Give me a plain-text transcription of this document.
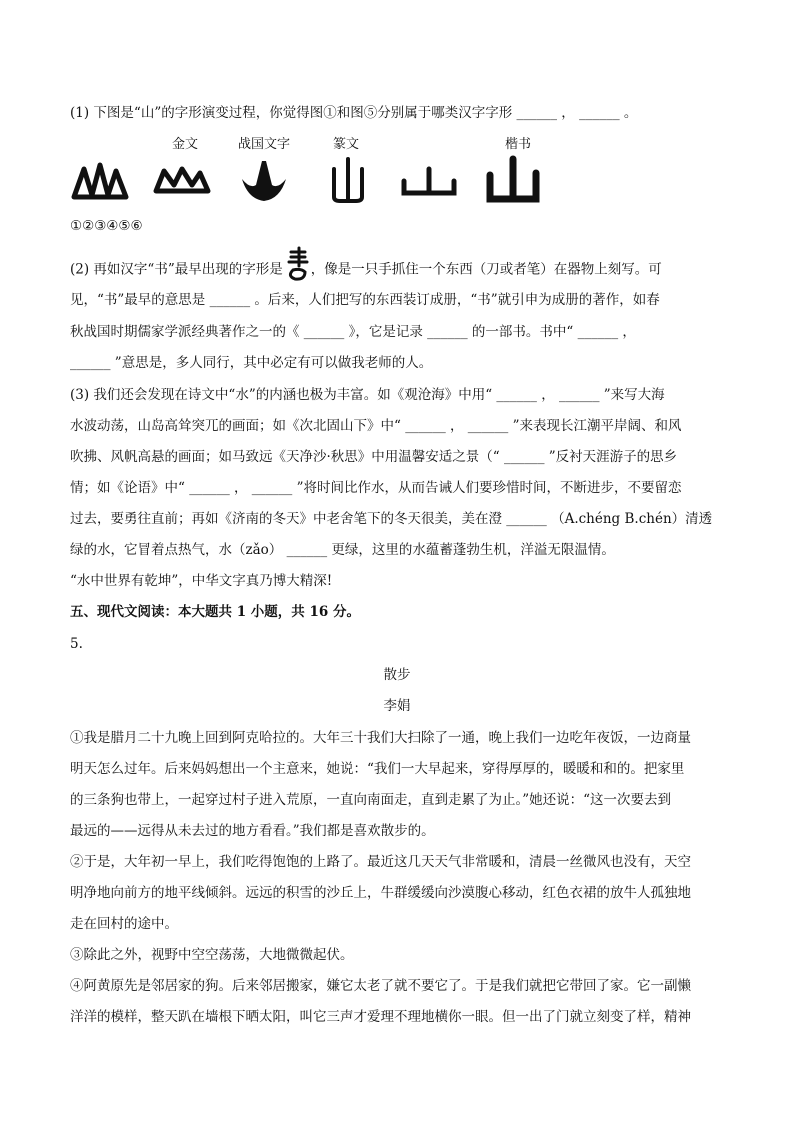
(1) 下图是“山”的字形演变过程，你觉得图①和图⑤分别属于哪类汉字字形 ______ ， ______ 。
金文	战国文字	篆文	楷书
①②③④⑤⑥
(2) 再如汉字“书”最早出现的字形是 ，像是一只手抓住一个东西（刀或者笔）在器物上刻写。可
见，“书”最早的意思是 ______ 。后来，人们把写的东西装订成册，“书”就引申为成册的著作，如春
秋战国时期儒家学派经典著作之一的《 ______ 》，它是记录 ______ 的一部书。书中“ ______ ，
______ ”意思是，多人同行，其中必定有可以做我老师的人。
(3) 我们还会发现在诗文中“水”的内涵也极为丰富。如《观沧海》中用“ ______ ， ______ ”来写大海
水波动荡，山岛高耸突兀的画面；如《次北固山下》中“ ______ ， ______ ”来表现长江潮平岸阔、和风
吹拂、风帆高悬的画面；如马致远《天净沙·秋思》中用温馨安适之景（“ ______ ”反衬天涯游子的思乡
情；如《论语》中“ ______ ， ______ ”将时间比作水，从而告诫人们要珍惜时间，不断进步，不要留恋
过去，要勇往直前；再如《济南的冬天》中老舍笔下的冬天很美，美在澄 ______ （A.chéng B.chén）清透
绿的水，它冒着点热气，水（zǎo） ______ 更绿，这里的水蕴蓄蓬勃生机，洋溢无限温情。
“水中世界有乾坤”，中华文字真乃博大精深!
五、现代文阅读：本大题共 1 小题，共 16 分。
5.
散步
李娟
①我是腊月二十九晚上回到阿克哈拉的。大年三十我们大扫除了一通，晚上我们一边吃年夜饭，一边商量
明天怎么过年。后来妈妈想出一个主意来，她说：“我们一大早起来，穿得厚厚的，暖暖和和的。把家里
的三条狗也带上，一起穿过村子进入荒原，一直向南面走，直到走累了为止。”她还说：“这一次要去到
最远的——远得从未去过的地方看看。”我们都是喜欢散步的。
②于是，大年初一早上，我们吃得饱饱的上路了。最近这几天天气非常暖和，清晨一丝微风也没有，天空
明净地向前方的地平线倾斜。远远的积雪的沙丘上，牛群缓缓向沙漠腹心移动，红色衣裙的放牛人孤独地
走在回村的途中。
③除此之外，视野中空空荡荡，大地微微起伏。
④阿黄原先是邻居家的狗。后来邻居搬家，嫌它太老了就不要它了。于是我们就把它带回了家。它一副懒
洋洋的模样，整天趴在墙根下晒太阳，叫它三声才爱理不理地横你一眼。但一出了门就立刻变了样，精神
